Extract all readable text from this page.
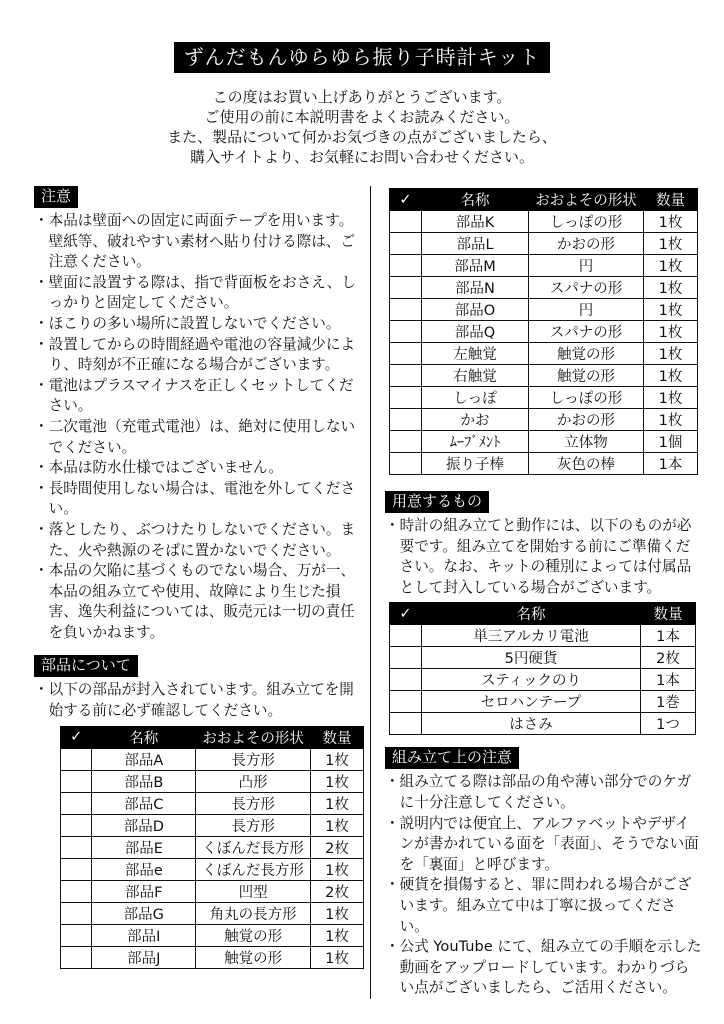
ずんだもんゆらゆら振り子時計キット
この度はお買い上げありがとうございます。
ご使用の前に本説明書をよくお読みください。
また、製品について何かお気づきの点がございましたら、
購入サイトより、お気軽にお問い合わせください。
注意
・本品は壁面への固定に両面テープを用います。壁紙等、破れやすい素材へ貼り付ける際は、ご注意ください。
・壁面に設置する際は、指で背面板をおさえ、しっかりと固定してください。
・ほこりの多い場所に設置しないでください。
・設置してからの時間経過や電池の容量減少により、時刻が不正確になる場合がございます。
・電池はプラスマイナスを正しくセットしてください。
・二次電池（充電式電池）は、絶対に使用しないでください。
・本品は防水仕様ではございません。
・長時間使用しない場合は、電池を外してください。
・落としたり、ぶつけたりしないでください。また、火や熱源のそばに置かないでください。
・本品の欠陥に基づくものでない場合、万が一、本品の組み立てや使用、故障により生じた損害、逸失利益については、販売元は一切の責任を負いかねます。
部品について
・以下の部品が封入されています。組み立てを開始する前に必ず確認してください。
✓	名称	おおよその形状	数量
	部品A	長方形	1枚
	部品B	凸形	1枚
	部品C	長方形	1枚
	部品D	長方形	1枚
	部品E	くぼんだ長方形	2枚
	部品e	くぼんだ長方形	1枚
	部品F	凹型	2枚
	部品G	角丸の長方形	1枚
	部品I	触覚の形	1枚
	部品J	触覚の形	1枚
✓	名称	おおよその形状	数量
	部品K	しっぽの形	1枚
	部品L	かおの形	1枚
	部品M	円	1枚
	部品N	スパナの形	1枚
	部品O	円	1枚
	部品Q	スパナの形	1枚
	左触覚	触覚の形	1枚
	右触覚	触覚の形	1枚
	しっぽ	しっぽの形	1枚
	かお	かおの形	1枚
	ﾑｰﾌﾞﾒﾝﾄ	立体物	1個
	振り子棒	灰色の棒	1本
用意するもの
・時計の組み立てと動作には、以下のものが必要です。組み立てを開始する前にご準備ください。なお、キットの種別によっては付属品として封入している場合がございます。
✓	名称	数量
	単三アルカリ電池	1本
	5円硬貨	2枚
	スティックのり	1本
	セロハンテープ	1巻
	はさみ	1つ
組み立て上の注意
・組み立てる際は部品の角や薄い部分でのケガに十分注意してください。
・説明内では便宜上、アルファベットやデザインが書かれている面を「表面」、そうでない面を「裏面」と呼びます。
・硬貨を損傷すると、罪に問われる場合がございます。組み立て中は丁寧に扱ってください。
・公式 YouTube にて、組み立ての手順を示した動画をアップロードしています。わかりづらい点がございましたら、ご活用ください。
